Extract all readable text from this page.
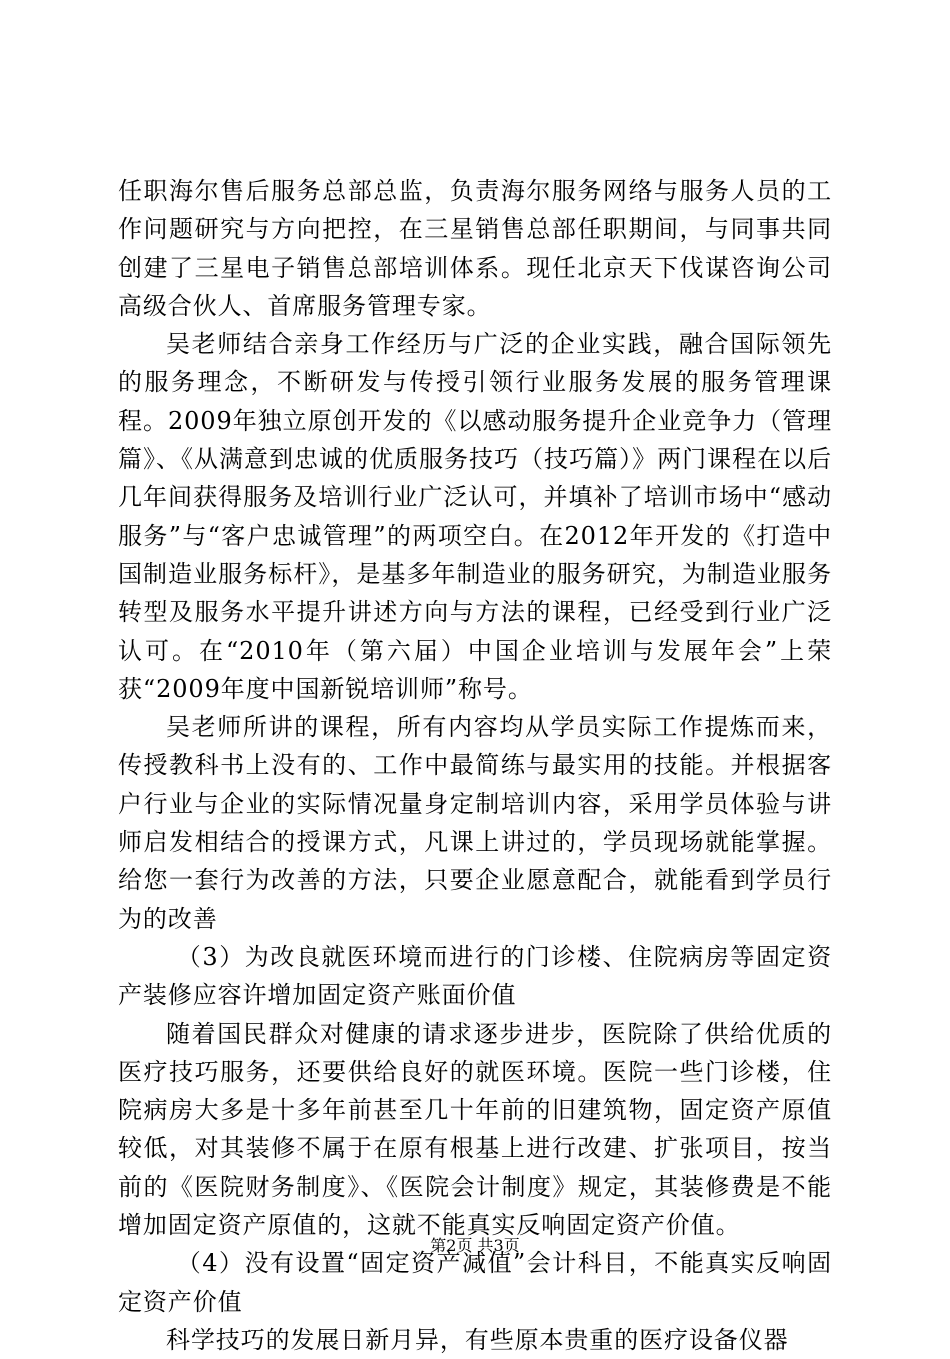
任职海尔售后服务总部总监，负责海尔服务网络与服务人员的工作问题研究与方向把控，在三星销售总部任职期间，与同事共同创建了三星电子销售总部培训体系。现任北京天下伐谋咨询公司高级合伙人、首席服务管理专家。

吴老师结合亲身工作经历与广泛的企业实践，融合国际领先的服务理念，不断研发与传授引领行业服务发展的服务管理课程。2009年独立原创开发的《以感动服务提升企业竞争力（管理篇》、《从满意到忠诚的优质服务技巧（技巧篇）》两门课程在以后几年间获得服务及培训行业广泛认可，并填补了培训市场中“感动服务”与“客户忠诚管理”的两项空白。在2012年开发的《打造中国制造业服务标杆》，是基多年制造业的服务研究，为制造业服务转型及服务水平提升讲述方向与方法的课程，已经受到行业广泛认可。在“2010年（第六届）中国企业培训与发展年会”上荣获“2009年度中国新锐培训师”称号。

吴老师所讲的课程，所有内容均从学员实际工作提炼而来，传授教科书上没有的、工作中最简练与最实用的技能。并根据客户行业与企业的实际情况量身定制培训内容，采用学员体验与讲师启发相结合的授课方式，凡课上讲过的，学员现场就能掌握。给您一套行为改善的方法，只要企业愿意配合，就能看到学员行为的改善

（3）为改良就医环境而进行的门诊楼、住院病房等固定资产装修应容许增加固定资产账面价值

随着国民群众对健康的请求逐步进步，医院除了供给优质的医疗技巧服务，还要供给良好的就医环境。医院一些门诊楼，住院病房大多是十多年前甚至几十年前的旧建筑物，固定资产原值较低，对其装修不属于在原有根基上进行改建、扩张项目，按当前的《医院财务制度》、《医院会计制度》规定，其装修费是不能增加固定资产原值的，这就不能真实反响固定资产价值。

（4）没有设置“固定资产减值”会计科目，不能真实反响固定资产价值

科学技巧的发展日新月异，有些原本贵重的医疗设备仪器

第2页 共3页
